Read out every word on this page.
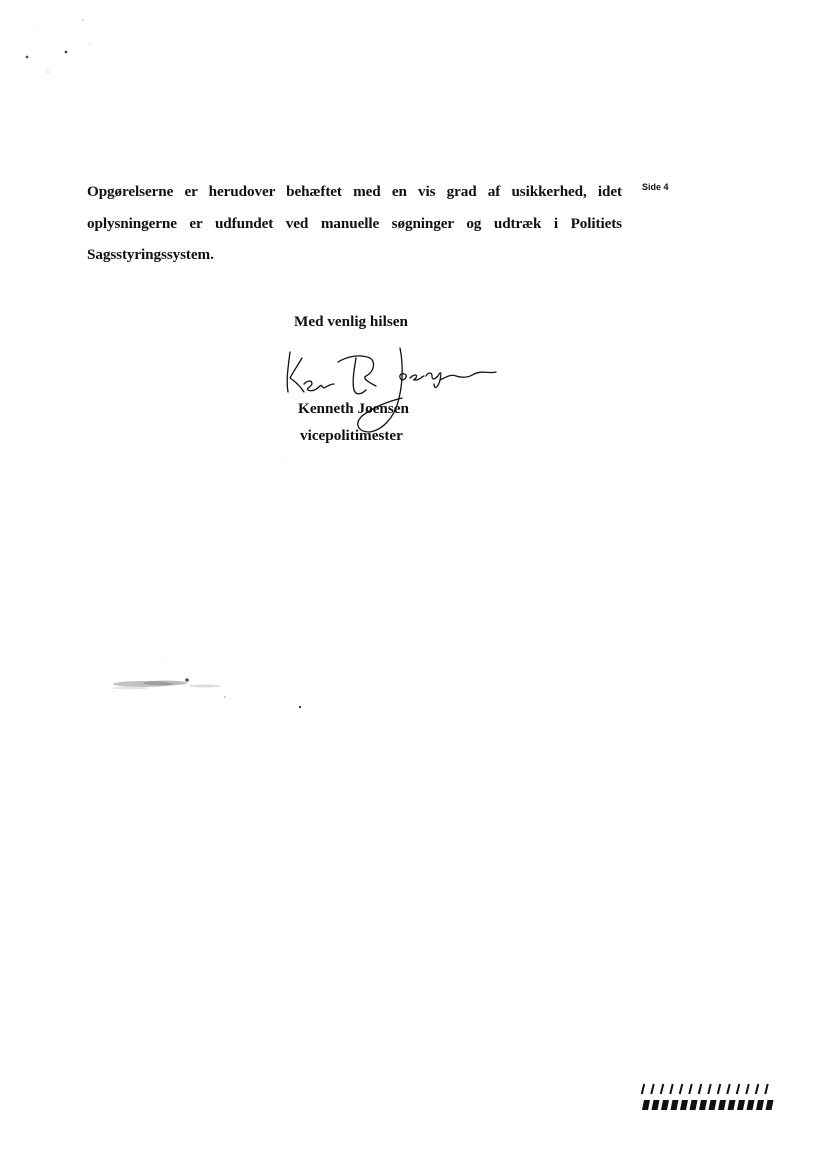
Opgørelserne er herudover behæftet med en vis grad af usikkerhed, idet oplysningerne er udfundet ved manuelle søgninger og udtræk i Politiets Sagsstyringssystem.
Side 4
Med venlig hilsen
Kenneth Joensen
vicepolitimester
